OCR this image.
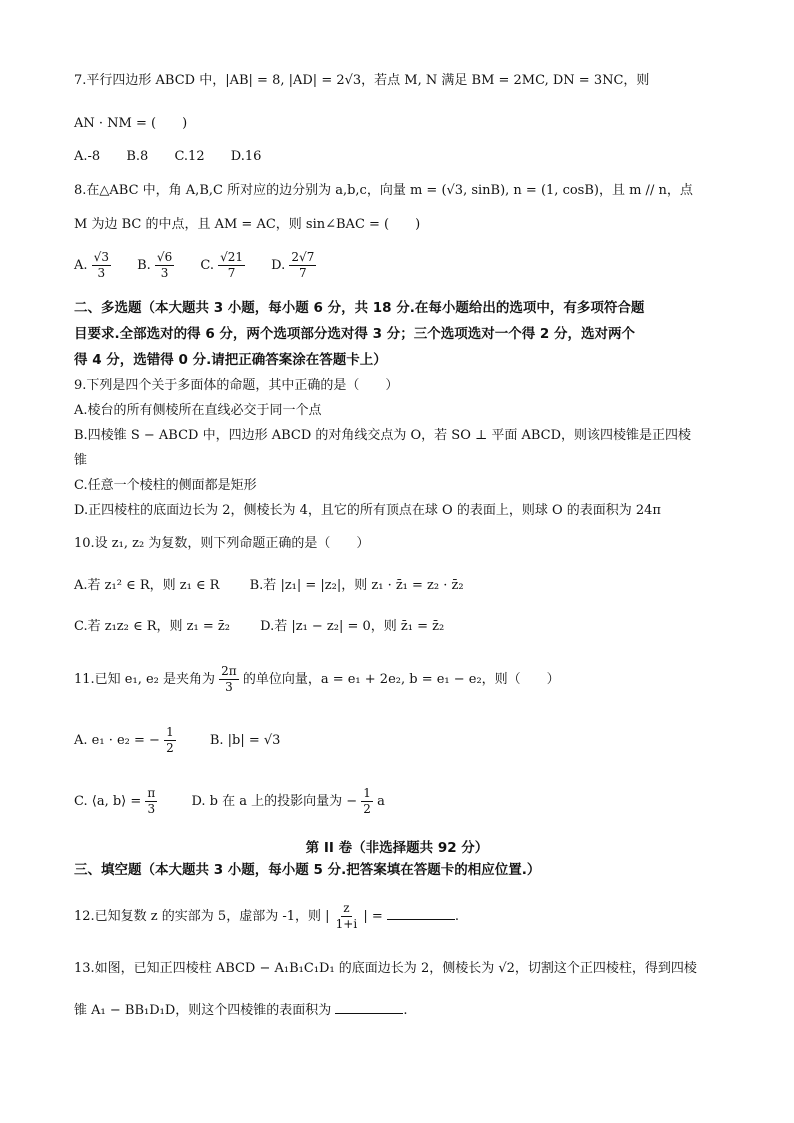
7.平行四边形 ABCD 中，|AB| = 8, |AD| = 2√3，若点 M, N 满足 BM = 2MC, DN = 3NC，则
AN · NM = (　　)
A.-8 B.8 C.12 D.16
8.在△ABC 中，角 A,B,C 所对应的边分别为 a,b,c，向量 m = (√3, sinB), n = (1, cosB)，且 m // n，点
M 为边 BC 的中点，且 AM = AC，则 sin∠BAC = (　　)
A. $\frac{√3}{3} B$. $\frac{√6}{3} C$. $\frac{√21}{7} D$. $\frac{2√7}{7}$
二、多选题（本大题共 3 小题，每小题 6 分，共 18 分.在每小题给出的选项中，有多项符合题
目要求.全部选对的得 6 分，两个选项部分选对得 3 分；三个选项选对一个得 2 分，选对两个
得 4 分，选错得 0 分.请把正确答案涂在答题卡上）
9.下列是四个关于多面体的命题，其中正确的是（　　）
A.棱台的所有侧棱所在直线必交于同一个点
B.四棱锥 S − ABCD 中，四边形 ABCD 的对角线交点为 O，若 SO ⊥ 平面 ABCD，则该四棱锥是正四棱
锥
C.任意一个棱柱的侧面都是矩形
D.正四棱柱的底面边长为 2，侧棱长为 4，且它的所有顶点在球 O 的表面上，则球 O 的表面积为 24π
10.设 z₁, z₂ 为复数，则下列命题正确的是（　　）
A.若 z₁² ∈ R，则 z₁ ∈ R B.若 |z₁| = |z₂|，则 z₁ · z̄₁ = z₂ · z̄₂
C.若 z₁z₂ ∈ R，则 z₁ = z̄₂ D.若 |z₁ − z₂| = 0，则 z̄₁ = z̄₂
11.已知 e₁, e₂ 是夹角为 $\frac{2\pi}{3}$ 的单位向量，a = e₁ + 2e₂, b = e₁ − e₂，则（　　）
A. e₁ · e₂ = − $\frac{1}{2}$	B. |b| = √3
C. ⟨a, b⟩ = $\frac{\pi}{3}$	D. b 在 a 上的投影向量为 − $\frac{1}{2}$ a
第 II 卷（非选择题共 92 分）
三、填空题（本大题共 3 小题，每小题 5 分.把答案填在答题卡的相应位置.）
12.已知复数 z 的实部为 5，虚部为 -1，则 | $\frac{z}{1+i}$ | =	.
13.如图，已知正四棱柱 ABCD − A₁B₁C₁D₁ 的底面边长为 2，侧棱长为 √2，切割这个正四棱柱，得到四棱
锥 A₁ − BB₁D₁D，则这个四棱锥的表面积为	.
